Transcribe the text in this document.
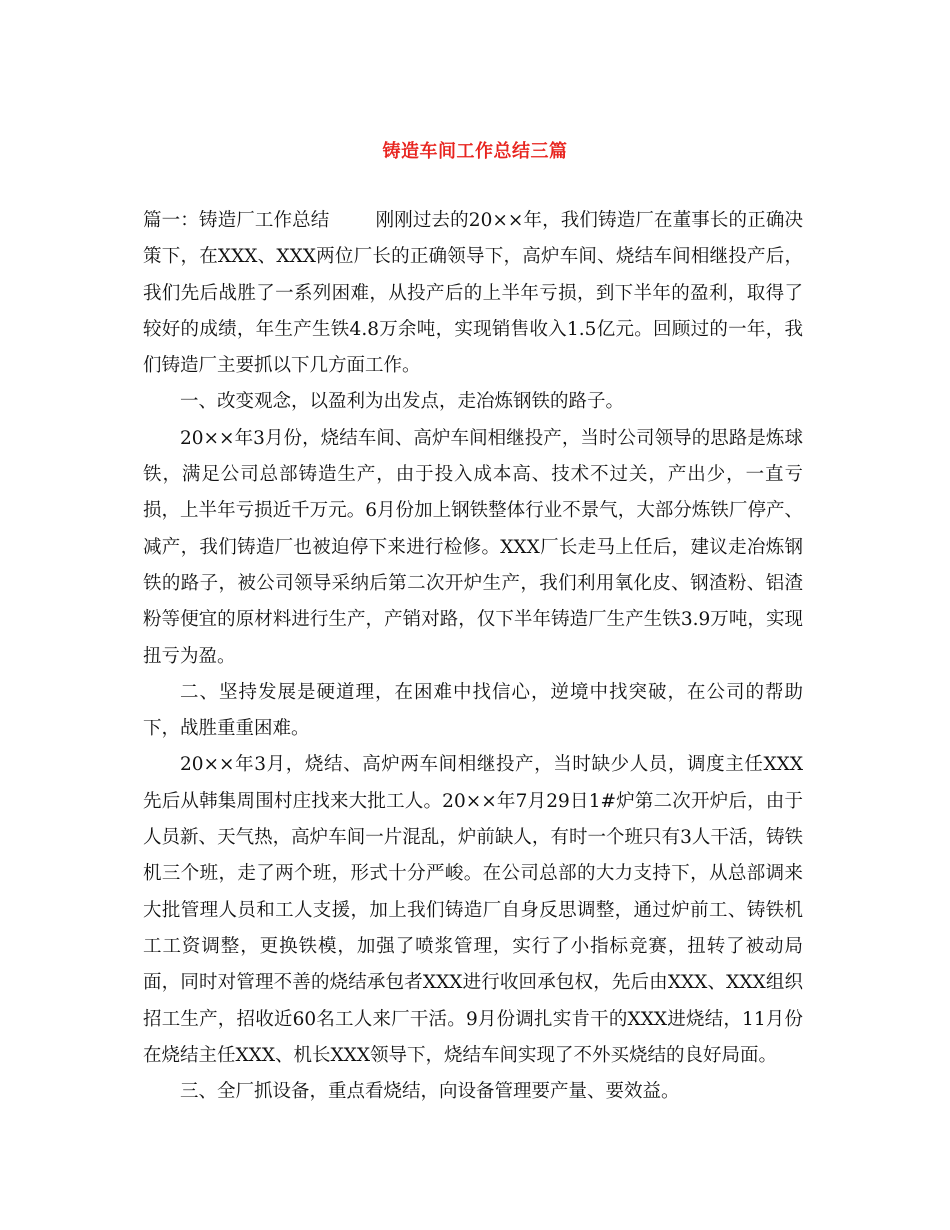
铸造车间工作总结三篇

篇一：铸造厂工作总结 刚刚过去的20××年，我们铸造厂在董事长的正确决策下，在XXX、XXX两位厂长的正确领导下，高炉车间、烧结车间相继投产后，我们先后战胜了一系列困难，从投产后的上半年亏损，到下半年的盈利，取得了较好的成绩，年生产生铁4.8万余吨，实现销售收入1.5亿元。回顾过的一年，我们铸造厂主要抓以下几方面工作。

一、改变观念，以盈利为出发点，走冶炼钢铁的路子。

20××年3月份，烧结车间、高炉车间相继投产，当时公司领导的思路是炼球铁，满足公司总部铸造生产，由于投入成本高、技术不过关，产出少，一直亏损，上半年亏损近千万元。6月份加上钢铁整体行业不景气，大部分炼铁厂停产、减产，我们铸造厂也被迫停下来进行检修。XXX厂长走马上任后，建议走冶炼钢铁的路子，被公司领导采纳后第二次开炉生产，我们利用氧化皮、钢渣粉、铝渣粉等便宜的原材料进行生产，产销对路，仅下半年铸造厂生产生铁3.9万吨，实现扭亏为盈。

二、坚持发展是硬道理，在困难中找信心，逆境中找突破，在公司的帮助下，战胜重重困难。

20××年3月，烧结、高炉两车间相继投产，当时缺少人员，调度主任XXX先后从韩集周围村庄找来大批工人。20××年7月29日1#炉第二次开炉后，由于人员新、天气热，高炉车间一片混乱，炉前缺人，有时一个班只有3人干活，铸铁机三个班，走了两个班，形式十分严峻。在公司总部的大力支持下，从总部调来大批管理人员和工人支援，加上我们铸造厂自身反思调整，通过炉前工、铸铁机工工资调整，更换铁模，加强了喷浆管理，实行了小指标竞赛，扭转了被动局面，同时对管理不善的烧结承包者XXX进行收回承包权，先后由XXX、XXX组织招工生产，招收近60名工人来厂干活。9月份调扎实肯干的XXX进烧结，11月份在烧结主任XXX、机长XXX领导下，烧结车间实现了不外买烧结的良好局面。

三、全厂抓设备，重点看烧结，向设备管理要产量、要效益。
